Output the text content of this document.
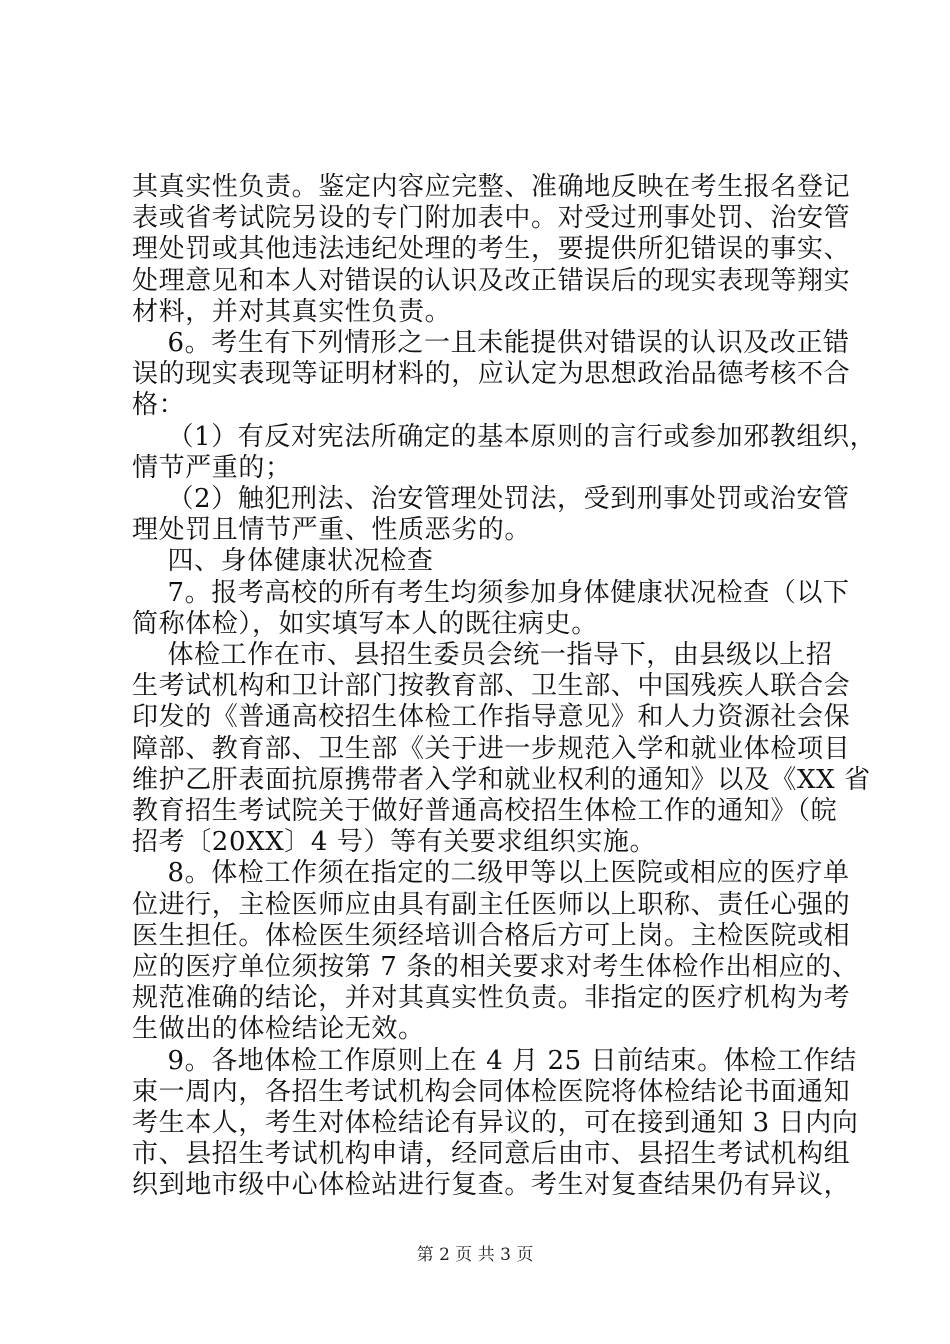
其真实性负责。鉴定内容应完整、准确地反映在考生报名登记
表或省考试院另设的专门附加表中。对受过刑事处罚、治安管
理处罚或其他违法违纪处理的考生，要提供所犯错误的事实、
处理意见和本人对错误的认识及改正错误后的现实表现等翔实
材料，并对其真实性负责。
6。考生有下列情形之一且未能提供对错误的认识及改正错
误的现实表现等证明材料的，应认定为思想政治品德考核不合
格：
（1）有反对宪法所确定的基本原则的言行或参加邪教组织，
情节严重的；
（2）触犯刑法、治安管理处罚法，受到刑事处罚或治安管
理处罚且情节严重、性质恶劣的。
四、身体健康状况检查
7。报考高校的所有考生均须参加身体健康状况检查（以下
简称体检），如实填写本人的既往病史。
体检工作在市、县招生委员会统一指导下，由县级以上招
生考试机构和卫计部门按教育部、卫生部、中国残疾人联合会
印发的《普通高校招生体检工作指导意见》和人力资源社会保
障部、教育部、卫生部《关于进一步规范入学和就业体检项目
维护乙肝表面抗原携带者入学和就业权利的通知》以及《XX 省
教育招生考试院关于做好普通高校招生体检工作的通知》（皖
招考〔20XX〕4 号）等有关要求组织实施。
8。体检工作须在指定的二级甲等以上医院或相应的医疗单
位进行，主检医师应由具有副主任医师以上职称、责任心强的
医生担任。体检医生须经培训合格后方可上岗。主检医院或相
应的医疗单位须按第 7 条的相关要求对考生体检作出相应的、
规范准确的结论，并对其真实性负责。非指定的医疗机构为考
生做出的体检结论无效。
9。各地体检工作原则上在 4 月 25 日前结束。体检工作结
束一周内，各招生考试机构会同体检医院将体检结论书面通知
考生本人，考生对体检结论有异议的，可在接到通知 3 日内向
市、县招生考试机构申请，经同意后由市、县招生考试机构组
织到地市级中心体检站进行复查。考生对复查结果仍有异议，
第 2 页 共 3 页
